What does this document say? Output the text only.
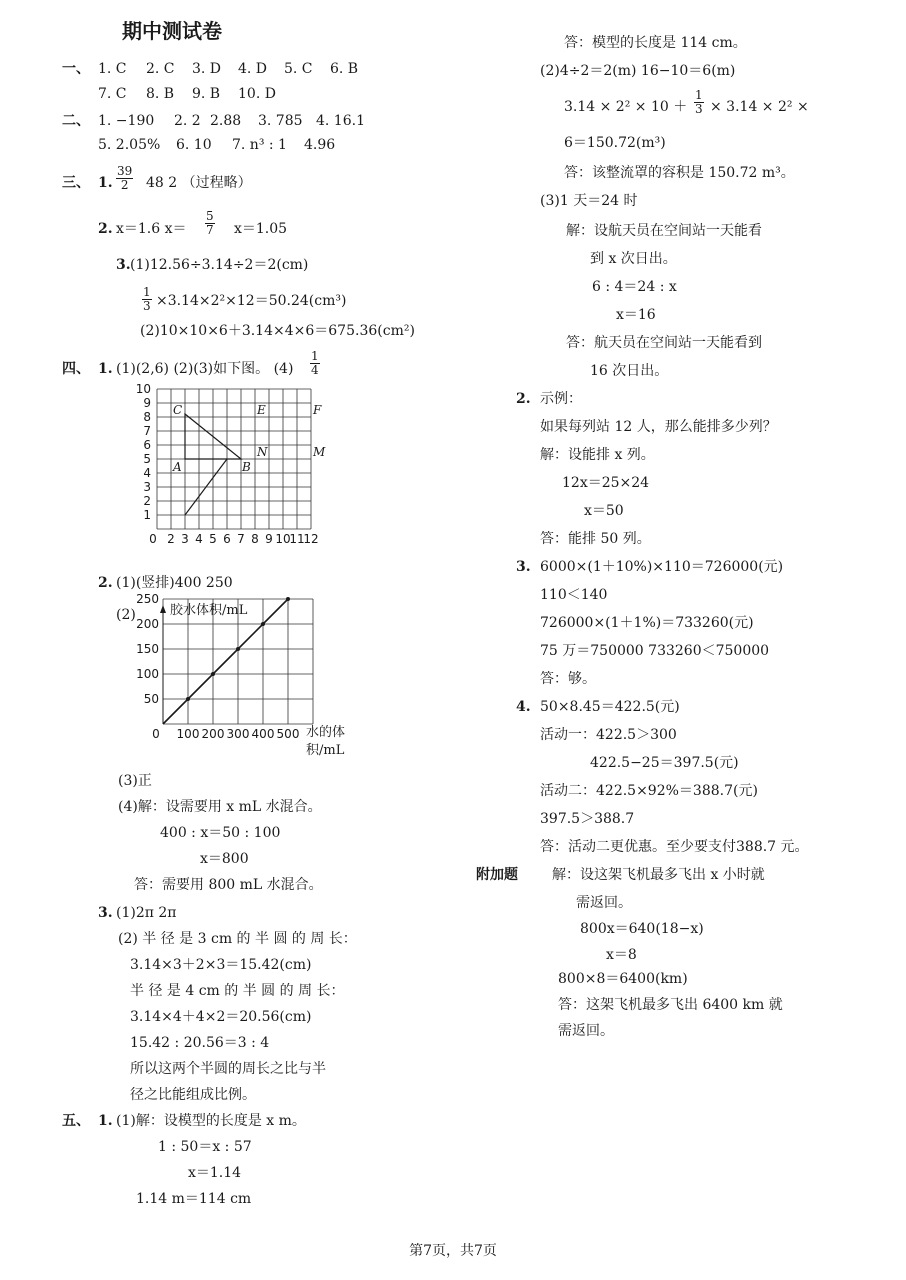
期中测试卷
一、 1. C 2. C 3. D 4. D 5. C 6. B
7. C 8. B 9. B 10. D
二、 1. −190 2. 2 2.88 3. 785 4. 16.1
5. 2.05% 6. 10 7. n³ : 1 4.96
三、 1. $\frac{39}{2} 48$ 2 （过程略）
2. x＝1.6 $x= \frac{5}{7} x=1.05$
3. (1)12.56÷3.14÷2＝2(cm)
$\frac{1}{3} \times 3.14\times 2^2\times 12=50.24(cm^3)$
(2)10×10×6＋3.14×4×6＝675.36(cm²)
四、 1. (1)(2,6) (2)(3)如下图。 $(4) \frac{1}{4}$
0 2 3 4 5 6 7 8 9 10
11
12
1
2
3
4
5
6
7
8
9
10
C	E	F
A	B
N	M
2. (1)(竖排)400 250
(2)
0 100 200 300 400 500
50
100
150
200
250
胶水体积/mL
水的体
积/mL
(3)正
(4)解：设需要用 x mL 水混合。
400 : x＝50 : 100
x＝800
答：需要用 800 mL 水混合。
3. (1)2π 2π
(2) 半 径 是 3 cm 的 半 圆 的 周 长：
3.14×3＋2×3＝15.42(cm)
半 径 是 4 cm 的 半 圆 的 周 长：
3.14×4＋4×2＝20.56(cm)
15.42 : 20.56＝3 : 4
所以这两个半圆的周长之比与半
径之比能组成比例。
五、 1. (1)解：设模型的长度是 x m。
1 : 50＝x : 57
x＝1.14
1.14 m＝114 cm
答：模型的长度是 114 cm。
(2)4÷2＝2(m) 16−10＝6(m)
$3.14 \times 2^2 \times 10 + \frac{1}{3} \times 3.14 \times 2^2$ ×
6＝150.72(m³)
答：该整流罩的容积是 150.72 m³。
(3)1 天＝24 时
解：设航天员在空间站一天能看
到 x 次日出。
6 : 4＝24 : x
x＝16
答：航天员在空间站一天能看到
16 次日出。
2. 示例：
如果每列站 12 人，那么能排多少列？
解：设能排 x 列。
12x＝25×24
x＝50
答：能排 50 列。
3. 6000×(1＋10%)×110＝726000(元)
110＜140
726000×(1＋1%)＝733260(元)
75 万＝750000 733260＜750000
答：够。
4. 50×8.45＝422.5(元)
活动一：422.5＞300
422.5−25＝397.5(元)
活动二：422.5×92%＝388.7(元)
397.5＞388.7
答：活动二更优惠。至少要支付388.7 元。
附加题 解：设这架飞机最多飞出 x 小时就
需返回。
800x＝640(18−x)
x＝8
800×8＝6400(km)
答：这架飞机最多飞出 6400 km 就
需返回。
第7页，共7页
